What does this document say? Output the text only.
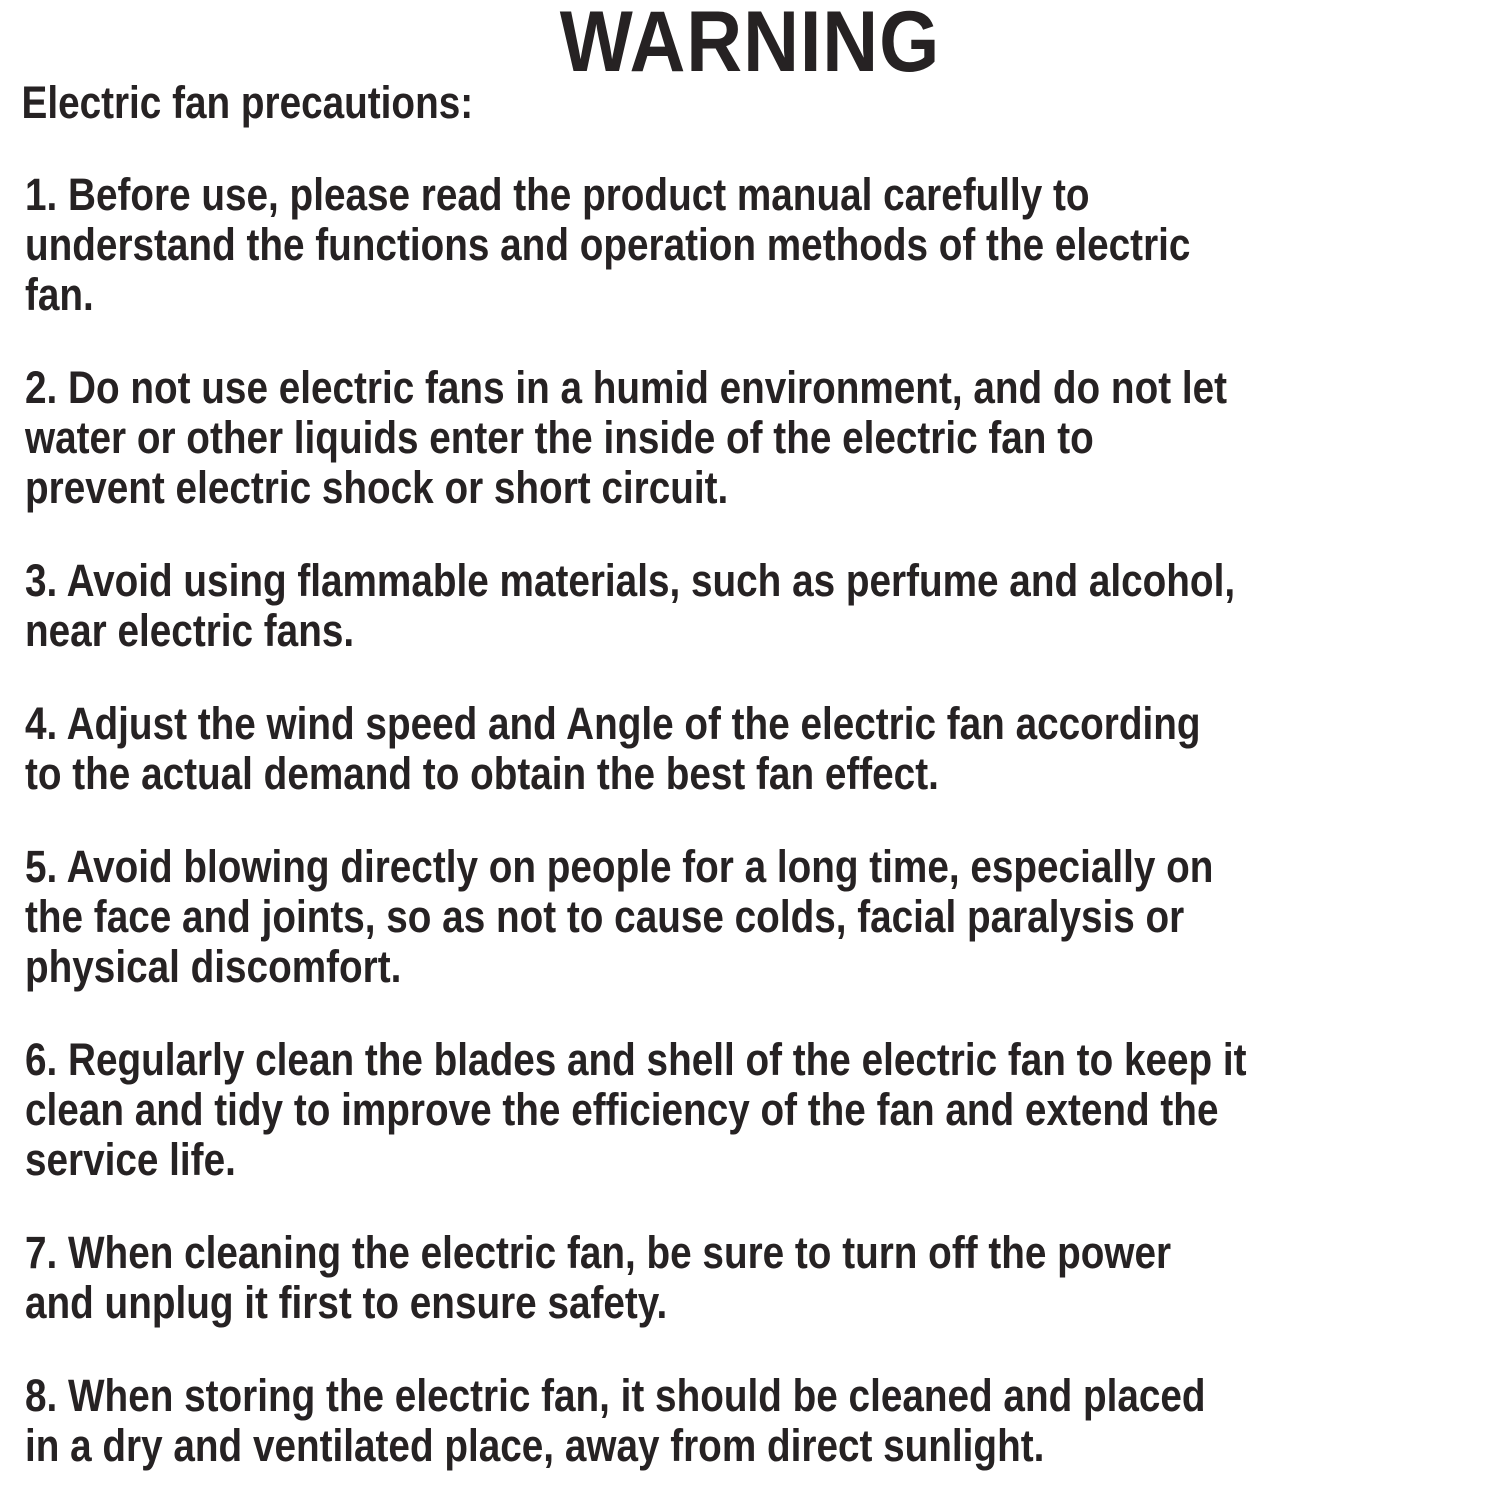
WARNING
Electric fan precautions:
1. Before use, please read the product manual carefully to
understand the functions and operation methods of the electric
fan.
2. Do not use electric fans in a humid environment, and do not let
water or other liquids enter the inside of the electric fan to
prevent electric shock or short circuit.
3. Avoid using flammable materials, such as perfume and alcohol,
near electric fans.
4. Adjust the wind speed and Angle of the electric fan according
to the actual demand to obtain the best fan effect.
5. Avoid blowing directly on people for a long time, especially on
the face and joints, so as not to cause colds, facial paralysis or
physical discomfort.
6. Regularly clean the blades and shell of the electric fan to keep it
clean and tidy to improve the efficiency of the fan and extend the
service life.
7. When cleaning the electric fan, be sure to turn off the power
and unplug it first to ensure safety.
8. When storing the electric fan, it should be cleaned and placed
in a dry and ventilated place, away from direct sunlight.
